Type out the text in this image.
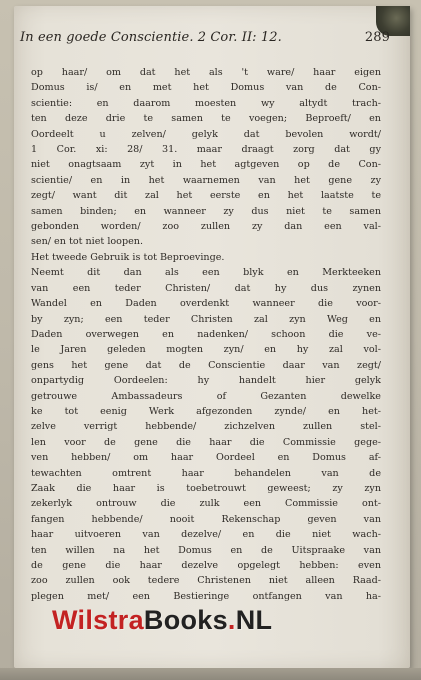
In een goede Conscientie. 2 Cor. II: 12.	289
op haar/ om dat het als 't ware/ haar eigen
Domus is/ en met het Domus van de Con-
scientie: en daarom moesten wy altydt trach-
ten deze drie te samen te voegen; Beproeft/ en
Oordeelt u zelven/ gelyk dat bevolen wordt/
1 Cor. xi: 28/ 31. maar draagt zorg dat gy
niet onagtsaam zyt in het agtgeven op de Con-
scientie/ en in het waarnemen van het gene zy
zegt/ want dit zal het eerste en het laatste te
samen binden; en wanneer zy dus niet te samen
gebonden worden/ zoo zullen zy dan een val-
sen/ en tot niet loopen.
Het tweede Gebruik is tot Beproevinge.
Neemt dit dan als een blyk en Merkteeken
van een teder Christen/ dat hy dus zynen
Wandel en Daden overdenkt wanneer die voor-
by zyn; een teder Christen zal zyn Weg en
Daden overwegen en nadenken/ schoon die ve-
le Jaren geleden mogten zyn/ en hy zal vol-
gens het gene dat de Conscientie daar van zegt/
onpartydig Oordeelen: hy handelt hier gelyk
getrouwe Ambassadeurs of Gezanten dewelke
ke tot eenig Werk afgezonden zynde/ en het-
zelve verrigt hebbende/ zichzelven zullen stel-
len voor de gene die haar die Commissie gege-
ven hebben/ om haar Oordeel en Domus af-
tewachten omtrent haar behandelen van de
Zaak die haar is toebetrouwt geweest; zy zyn
zekerlyk ontrouw die zulk een Commissie ont-
fangen hebbende/ nooit Rekenschap geven van
haar uitvoeren van dezelve/ en die niet wach-
ten willen na het Domus en de Uitspraake van
de gene die haar dezelve opgelegt hebben: even
zoo zullen ook tedere Christenen niet alleen Raad-
plegen met/ een Bestieringe ontfangen van ha-
WilstraBooks.NL
